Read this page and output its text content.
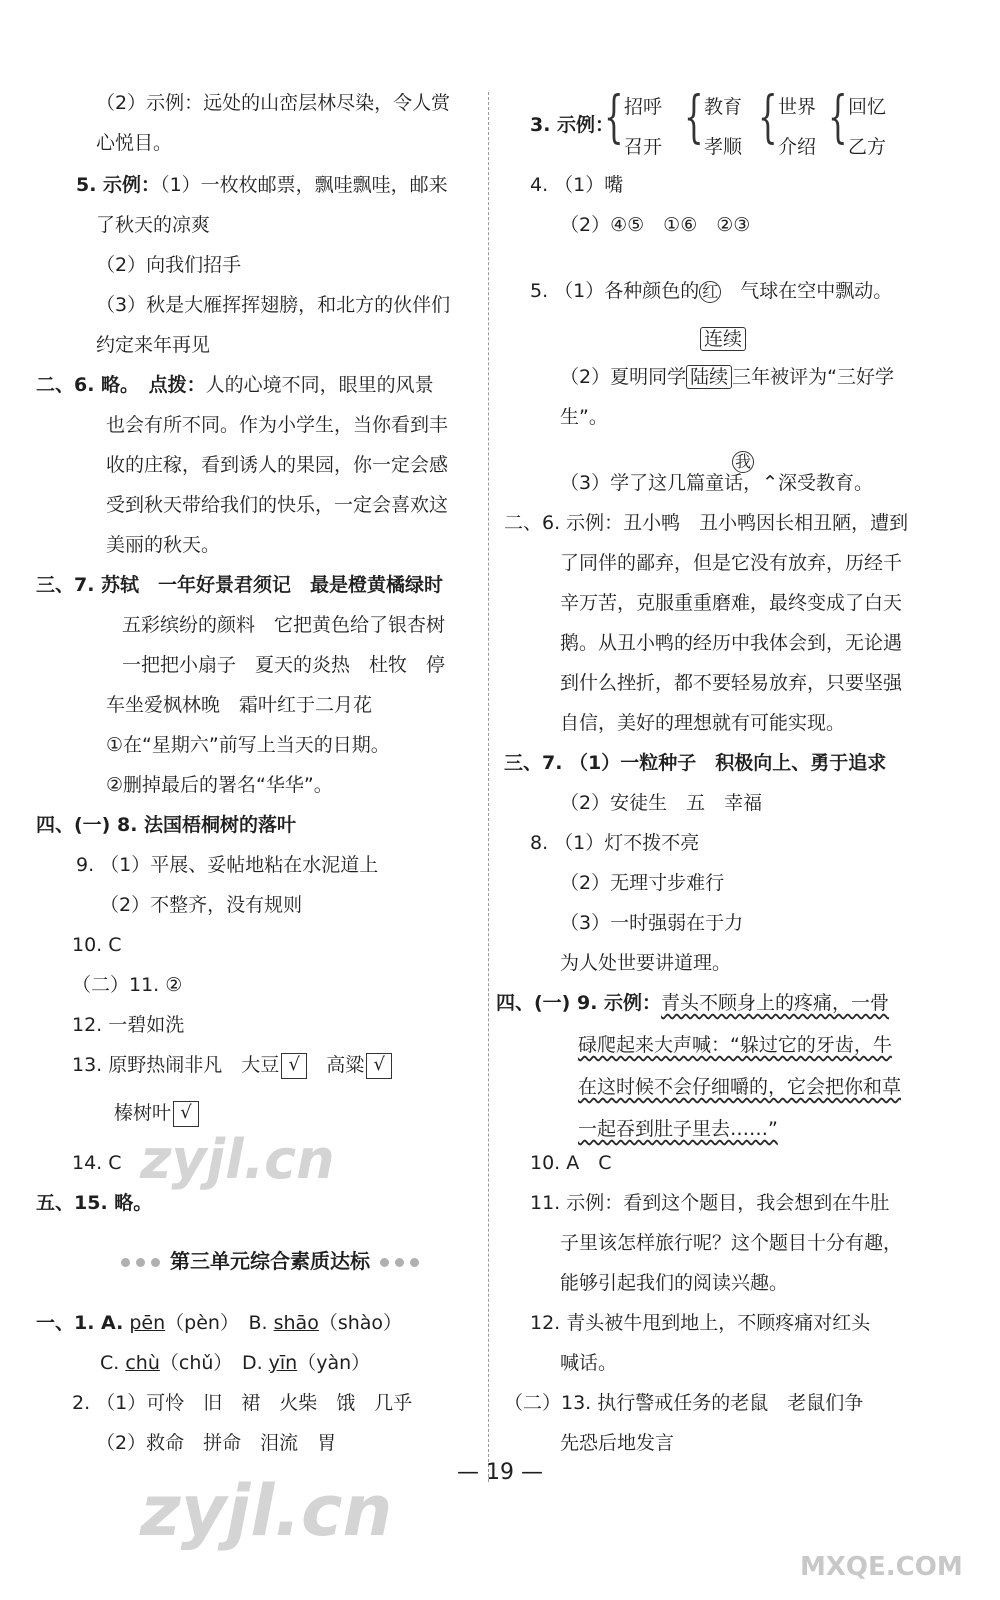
（2）示例：远处的山峦层林尽染，令人赏
心悦目。
5. 示例：（1）一枚枚邮票，飘哇飘哇，邮来
了秋天的凉爽
（2）向我们招手
（3）秋是大雁挥挥翅膀，和北方的伙伴们
约定来年再见
二、6. 略。　 点拨：人的心境不同，眼里的风景
也会有所不同。作为小学生，当你看到丰
收的庄稼，看到诱人的果园，你一定会感
受到秋天带给我们的快乐，一定会喜欢这
美丽的秋天。
三、7. 苏轼　一年好景君须记　最是橙黄橘绿时
五彩缤纷的颜料　它把黄色给了银杏树
一把把小扇子　夏天的炎热　杜牧　停
车坐爱枫林晚　霜叶红于二月花
①在“星期六”前写上当天的日期。
②删掉最后的署名“华华”。
四、(一) 8. 法国梧桐树的落叶
9. （1）平展、妥帖地粘在水泥道上
（2）不整齐，没有规则
10. C
（二）11. ②
12. 一碧如洗
13. 原野热闹非凡　大豆 √　 高粱 √
榛树叶 √
14. C
五、15. 略。
一、1. A. pēn（pèn）　 B. shāo（shào）
C. chù（chǔ）　 D. yīn（yàn）
2. （1）可怜　旧　裙　火柴　饿　几乎
（2）救命　拼命　泪流　胃
第三单元综合素质达标
3. 示例：
{ 招呼
召开 { 教育
孝顺 { 世界
介绍 { 回忆
乙方
4. （1）嘴
（2）④⑤　①⑥　②③
5. （1）各种颜色的 红　 气球在空中飘动。
连续
（2）夏明同学 陆续 三年被评为“三好学
生”。
我
（3）学了这几篇童话，⌃深受教育。
二、6. 示例：丑小鸭　丑小鸭因长相丑陋，遭到
了同伴的鄙弃，但是它没有放弃，历经千
辛万苦，克服重重磨难，最终变成了白天
鹅。从丑小鸭的经历中我体会到，无论遇
到什么挫折，都不要轻易放弃，只要坚强
自信，美好的理想就有可能实现。
三、7. （1）一粒种子　积极向上、勇于追求
（2）安徒生　五　幸福
8. （1）灯不拨不亮
（2）无理寸步难行
（3）一时强弱在于力
为人处世要讲道理。
四、(一) 9. 示例：青头不顾身上的疼痛，一骨
碌爬起来大声喊：“躲过它的牙齿，牛
在这时候不会仔细嚼的，它会把你和草
一起吞到肚子里去……”
10. A　C
11. 示例：看到这个题目，我会想到在牛肚
子里该怎样旅行呢？这个题目十分有趣，
能够引起我们的阅读兴趣。
12. 青头被牛甩到地上，不顾疼痛对红头
喊话。
（二）13. 执行警戒任务的老鼠　老鼠们争
先恐后地发言
— 19 —
zyjl.cn
zyjl.cn
MXQE.COM
